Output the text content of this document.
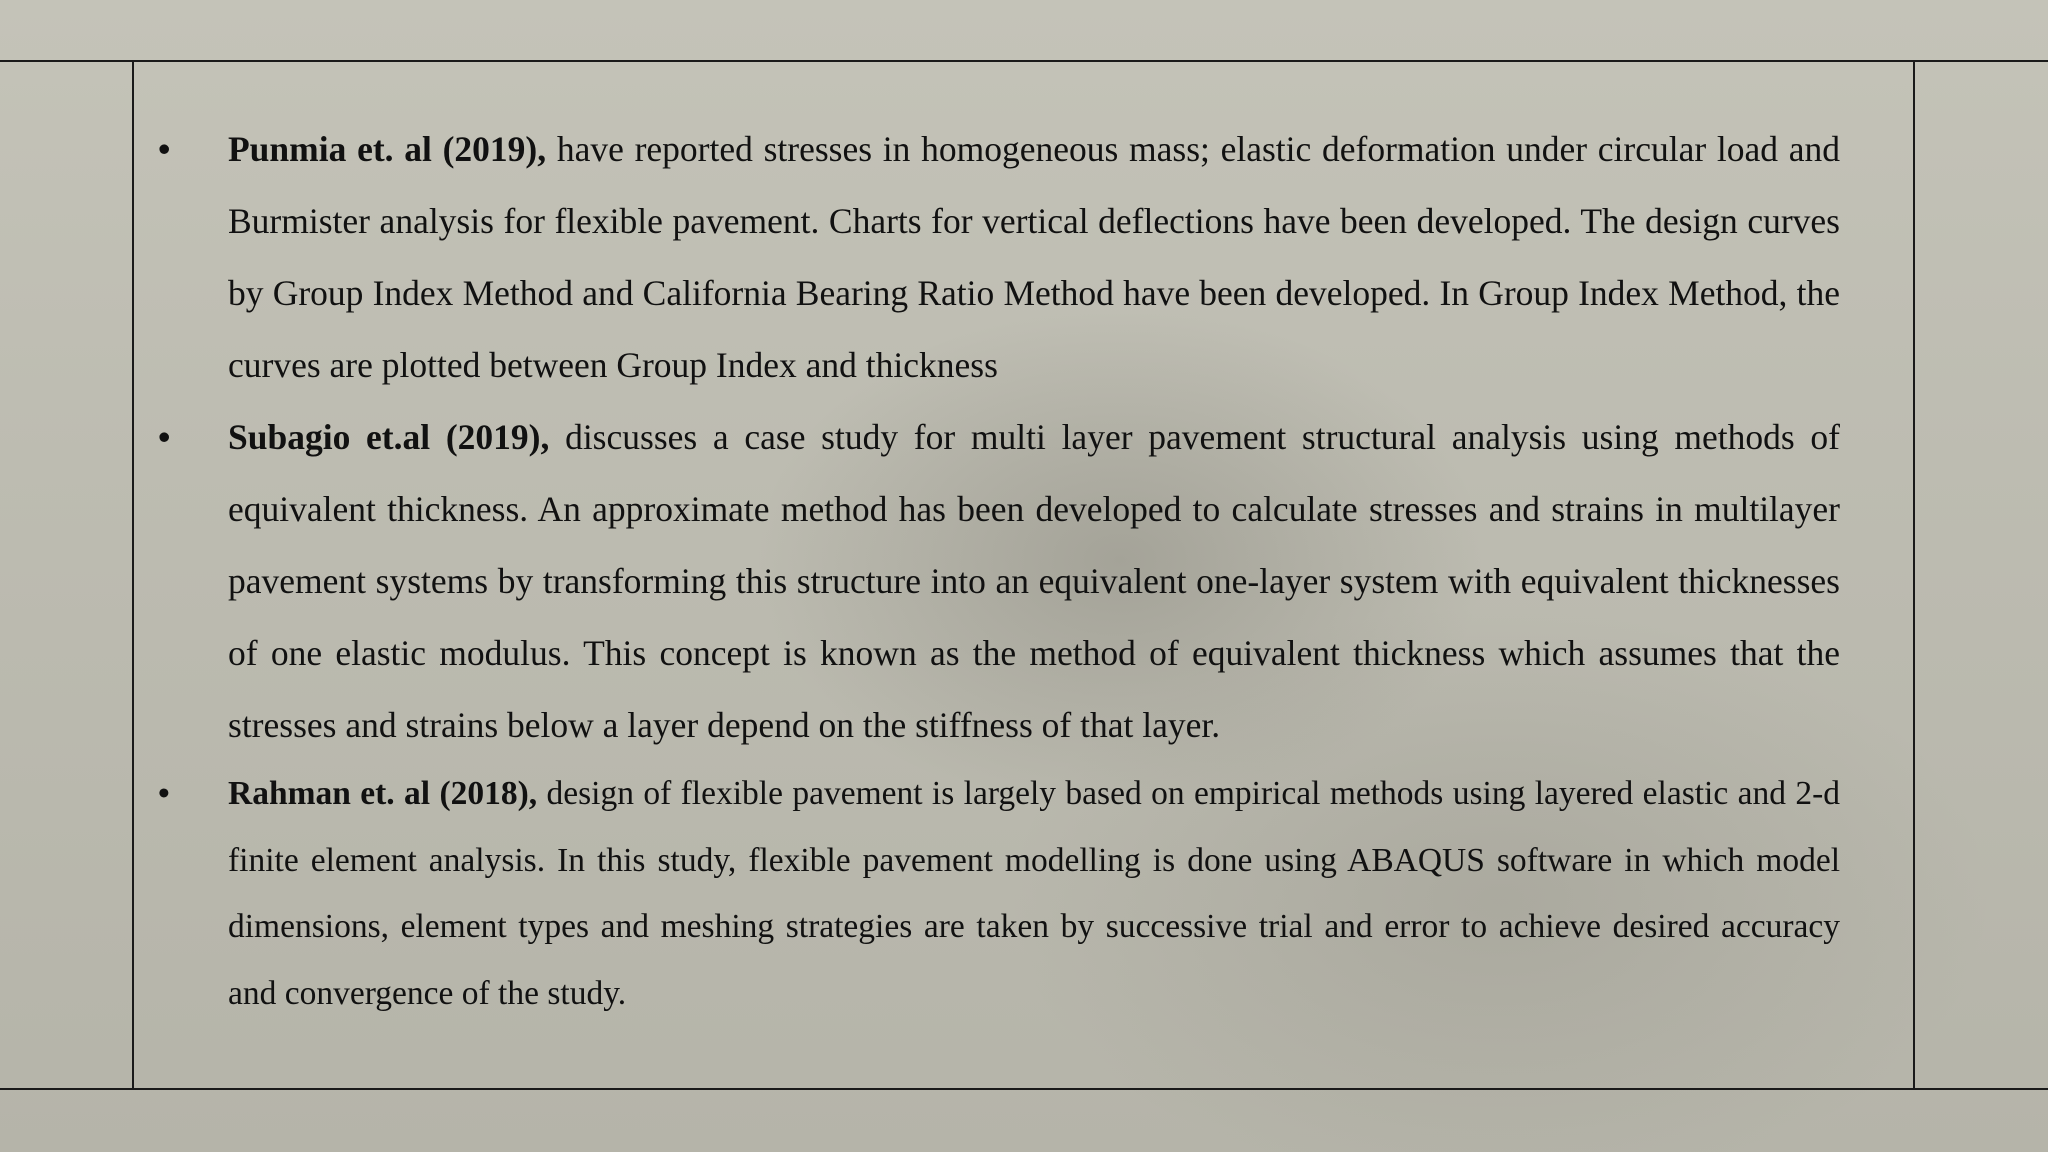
• Punmia et. al (2019), have reported stresses in homogeneous mass; elastic deformation under circular load and Burmister analysis for flexible pavement. Charts for vertical deflections have been developed. The design curves by Group Index Method and California Bearing Ratio Method have been developed. In Group Index Method, the curves are plotted between Group Index and thickness

• Subagio et.al (2019), discusses a case study for multi layer pavement structural analysis using methods of equivalent thickness. An approximate method has been developed to calculate stresses and strains in multilayer pavement systems by transforming this structure into an equivalent one-layer system with equivalent thicknesses of one elastic modulus. This concept is known as the method of equivalent thickness which assumes that the stresses and strains below a layer depend on the stiffness of that layer.

• Rahman et. al (2018), design of flexible pavement is largely based on empirical methods using layered elastic and 2-d finite element analysis. In this study, flexible pavement modelling is done using ABAQUS software in which model dimensions, element types and meshing strategies are taken by successive trial and error to achieve desired accuracy and convergence of the study.
